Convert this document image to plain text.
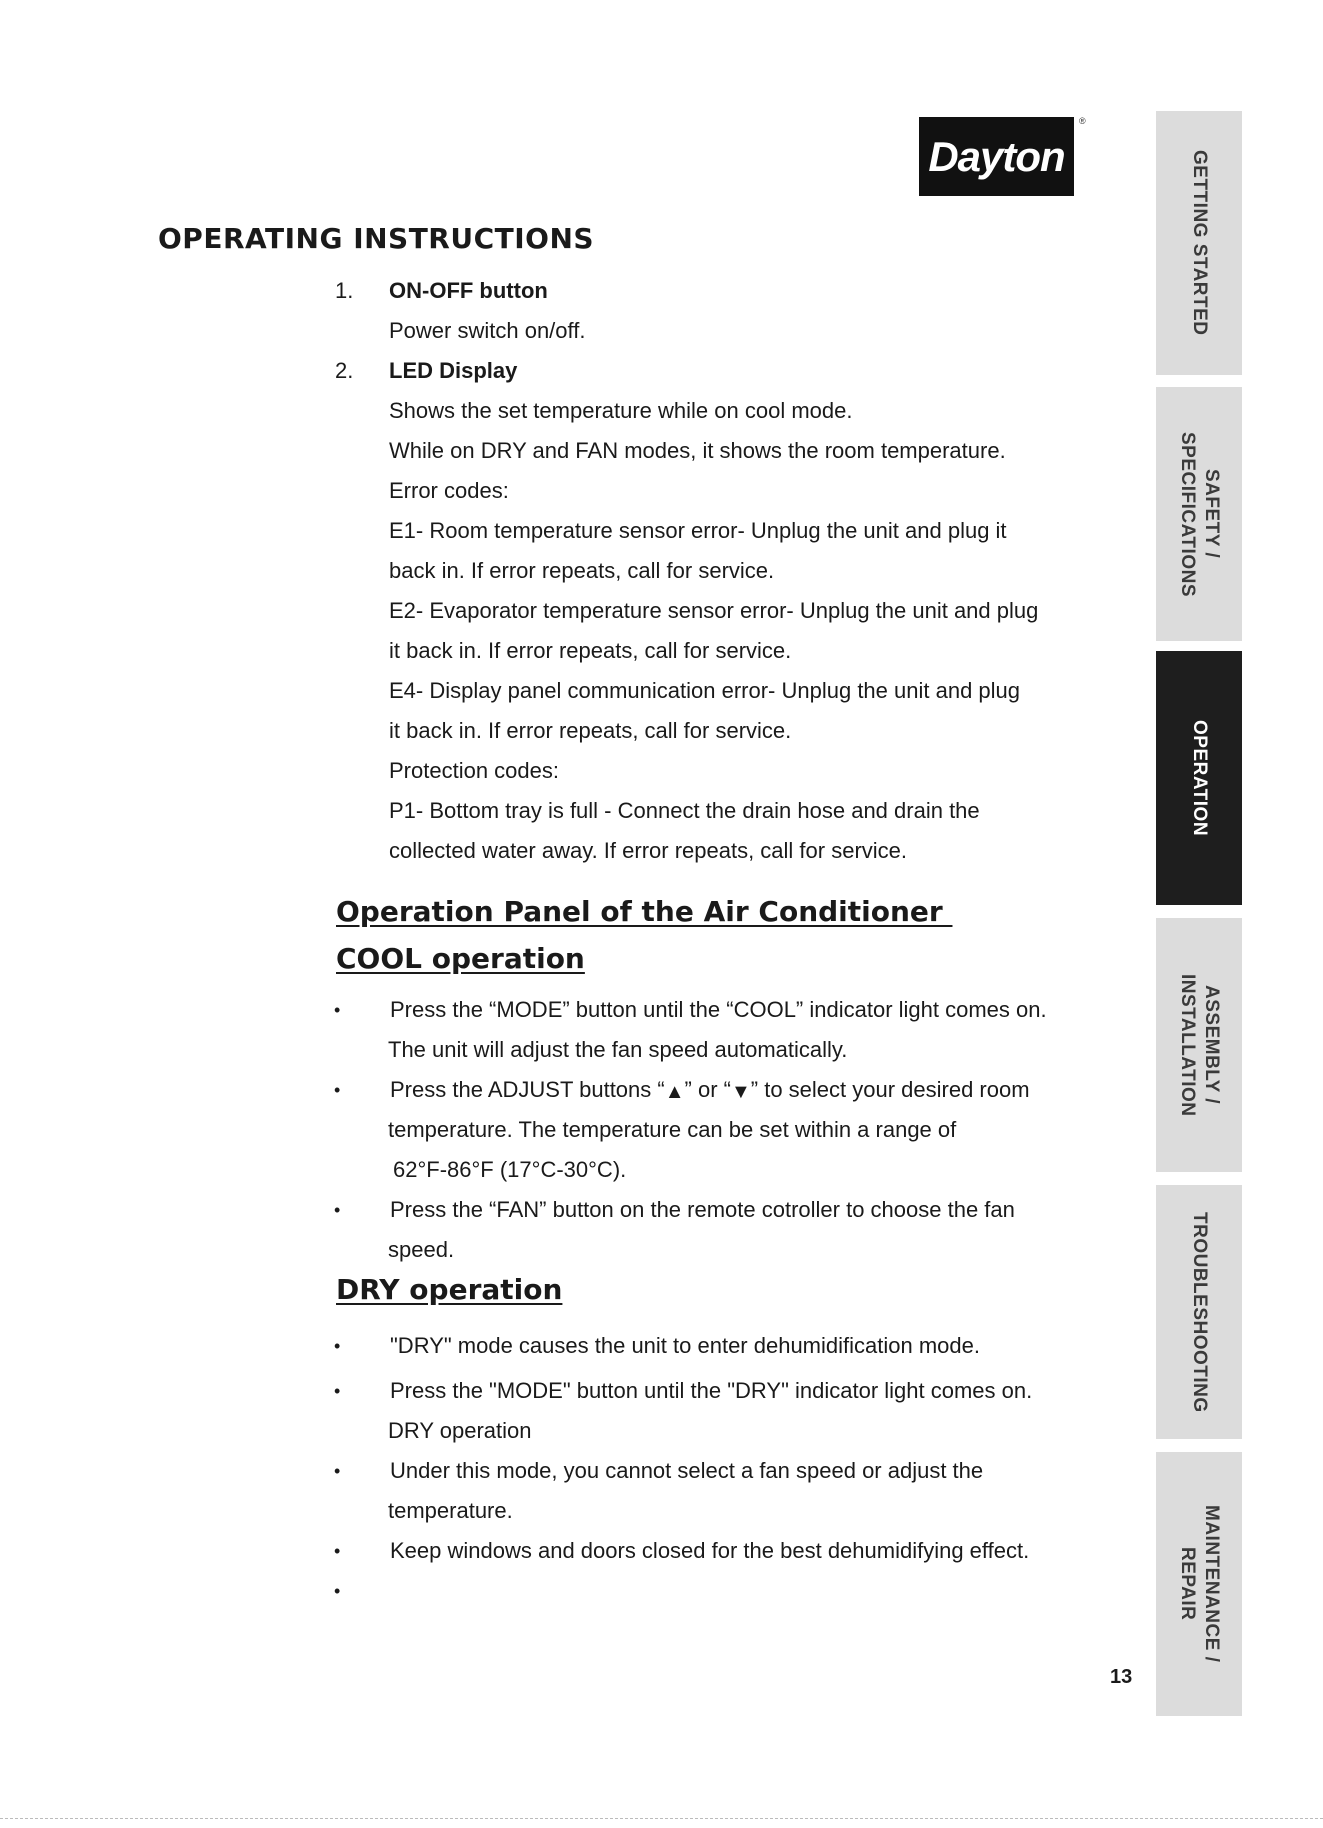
Dayton
®
OPERATING INSTRUCTIONS
1. ON-OFF button
Power switch on/off.
2. LED Display
Shows the set temperature while on cool mode.
While on DRY and FAN modes, it shows the room temperature.
Error codes:
E1- Room temperature sensor error- Unplug the unit and plug it
back in. If error repeats, call for service.
E2- Evaporator temperature sensor error- Unplug the unit and plug
it back in. If error repeats, call for service.
E4- Display panel communication error- Unplug the unit and plug
it back in. If error repeats, call for service.
Protection codes:
P1- Bottom tray is full - Connect the drain hose and drain the
collected water away. If error repeats, call for service.
Operation Panel of the Air Conditioner
COOL operation
• Press the “MODE” button until the “COOL” indicator light comes on.
The unit will adjust the fan speed automatically.
• Press the ADJUST buttons “▲” or “▼” to select your desired room
temperature. The temperature can be set within a range of
62°F-86°F (17°C-30°C).
• Press the “FAN” button on the remote cotroller to choose the fan
speed.
DRY operation
• "DRY" mode causes the unit to enter dehumidification mode.
• Press the "MODE" button until the "DRY" indicator light comes on.
DRY operation
• Under this mode, you cannot select a fan speed or adjust the
temperature.
• Keep windows and doors closed for the best dehumidifying effect.
•
13
GETTING STARTED
SAFETY /
SPECIFICATIONS
OPERATION
ASSEMBLY /
INSTALLATION
TROUBLESHOOTING
MAINTENANCE /
REPAIR
